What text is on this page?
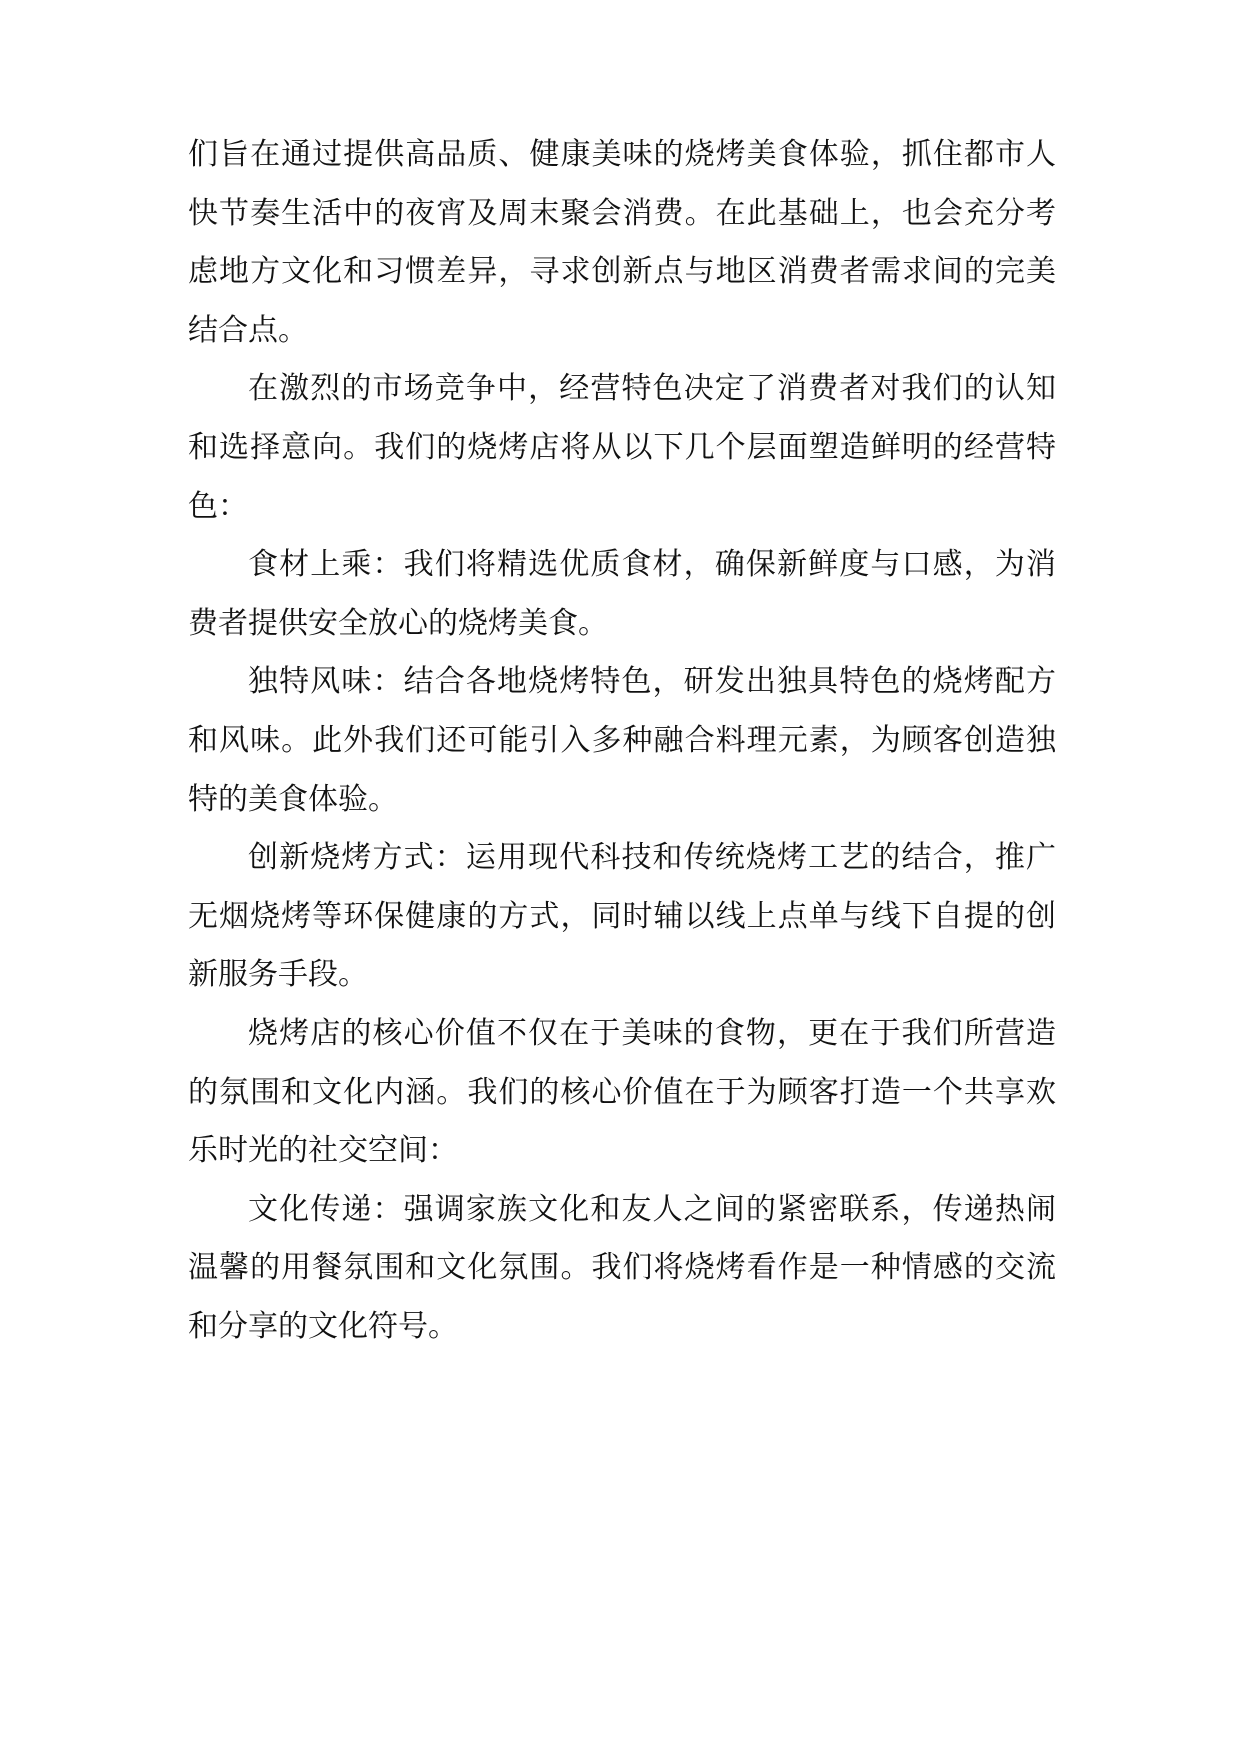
们旨在通过提供高品质、健康美味的烧烤美食体验，抓住都市人快节奏生活中的夜宵及周末聚会消费。在此基础上，也会充分考虑地方文化和习惯差异，寻求创新点与地区消费者需求间的完美结合点。

在激烈的市场竞争中，经营特色决定了消费者对我们的认知和选择意向。我们的烧烤店将从以下几个层面塑造鲜明的经营特色：

食材上乘：我们将精选优质食材，确保新鲜度与口感，为消费者提供安全放心的烧烤美食。

独特风味：结合各地烧烤特色，研发出独具特色的烧烤配方和风味。此外我们还可能引入多种融合料理元素，为顾客创造独特的美食体验。

创新烧烤方式：运用现代科技和传统烧烤工艺的结合，推广无烟烧烤等环保健康的方式，同时辅以线上点单与线下自提的创新服务手段。

烧烤店的核心价值不仅在于美味的食物，更在于我们所营造的氛围和文化内涵。我们的核心价值在于为顾客打造一个共享欢乐时光的社交空间：

文化传递：强调家族文化和友人之间的紧密联系，传递热闹温馨的用餐氛围和文化氛围。我们将烧烤看作是一种情感的交流和分享的文化符号。
